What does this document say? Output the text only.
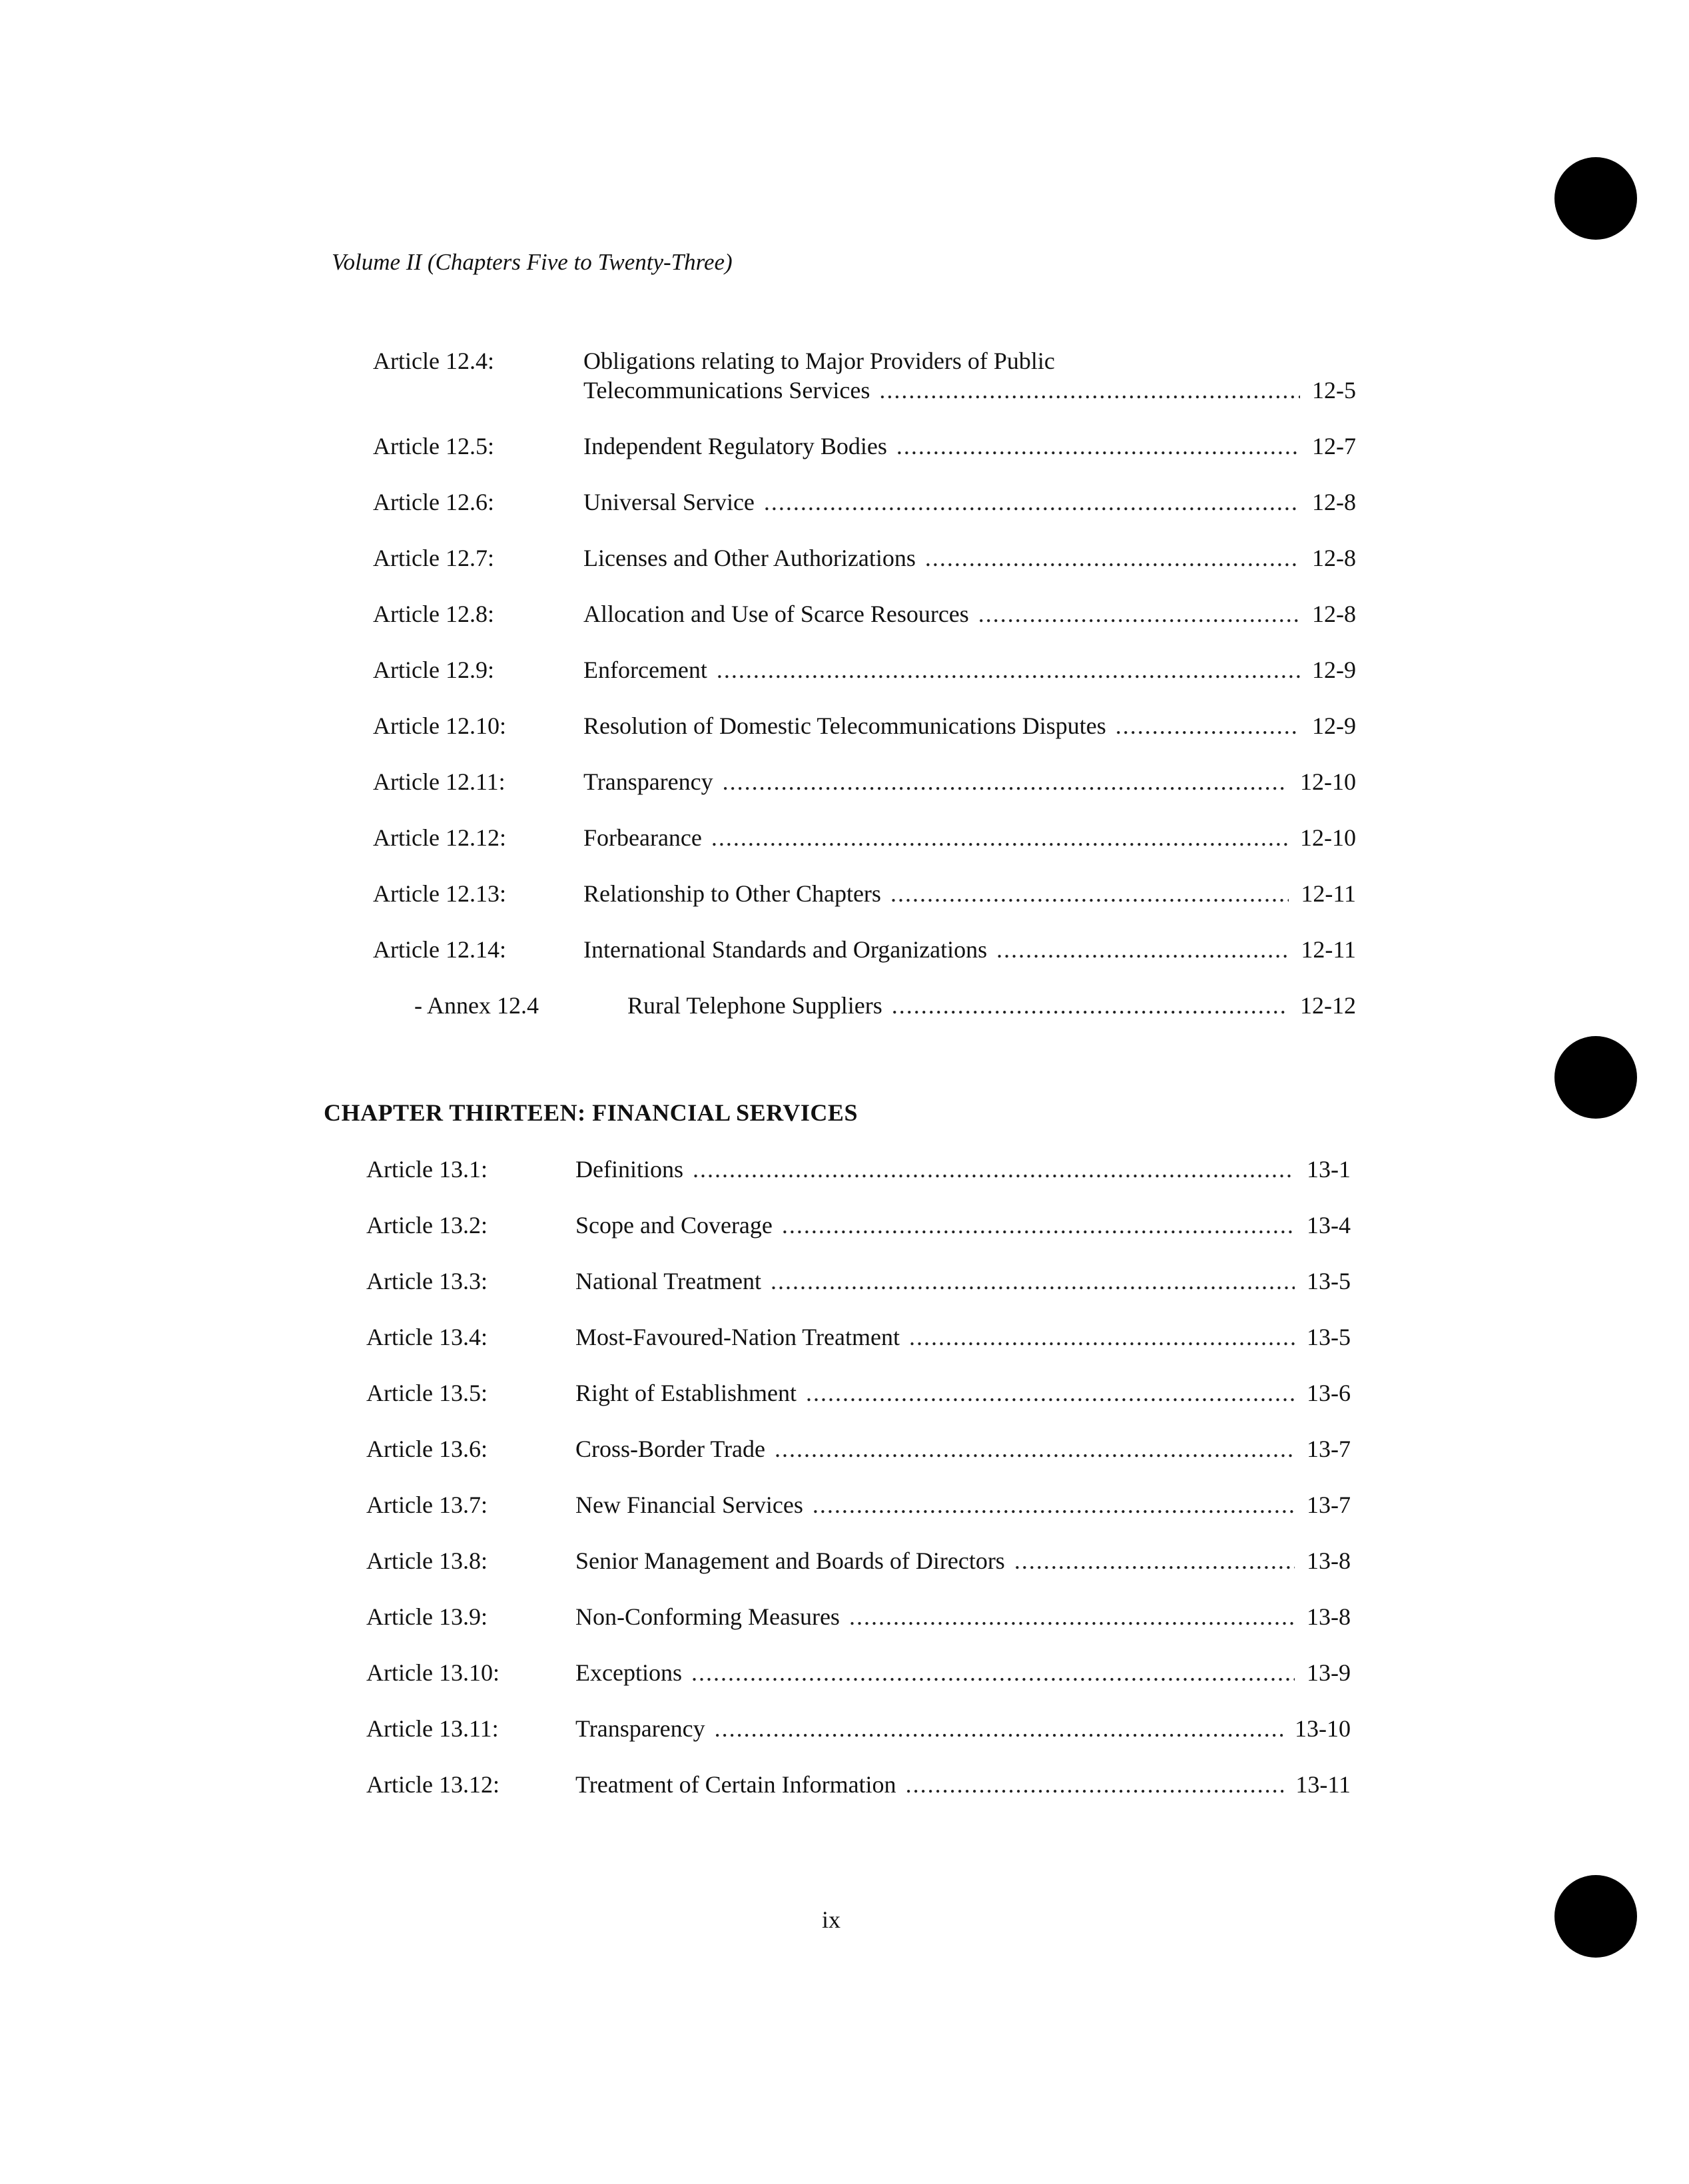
Volume II (Chapters Five to Twenty-Three)
Article 12.4:	Obligations relating to Major Providers of Public
Telecommunications Services .....	12-5
Article 12.5:	Independent Regulatory Bodies .....	12-7
Article 12.6:	Universal Service .....	12-8
Article 12.7:	Licenses and Other Authorizations .....	12-8
Article 12.8:	Allocation and Use of Scarce Resources .....	12-8
Article 12.9:	Enforcement .....	12-9
Article 12.10:	Resolution of Domestic Telecommunications Disputes .....	12-9
Article 12.11:	Transparency .....	12-10
Article 12.12:	Forbearance .....	12-10
Article 12.13:	Relationship to Other Chapters .....	12-11
Article 12.14:	International Standards and Organizations .....	12-11
- Annex 12.4	Rural Telephone Suppliers .....	12-12
CHAPTER THIRTEEN: FINANCIAL SERVICES
Article 13.1:	Definitions .....	13-1
Article 13.2:	Scope and Coverage .....	13-4
Article 13.3:	National Treatment .....	13-5
Article 13.4:	Most-Favoured-Nation Treatment .....	13-5
Article 13.5:	Right of Establishment .....	13-6
Article 13.6:	Cross-Border Trade .....	13-7
Article 13.7:	New Financial Services .....	13-7
Article 13.8:	Senior Management and Boards of Directors .....	13-8
Article 13.9:	Non-Conforming Measures .....	13-8
Article 13.10:	Exceptions .....	13-9
Article 13.11:	Transparency .....	13-10
Article 13.12:	Treatment of Certain Information .....	13-11
ix
